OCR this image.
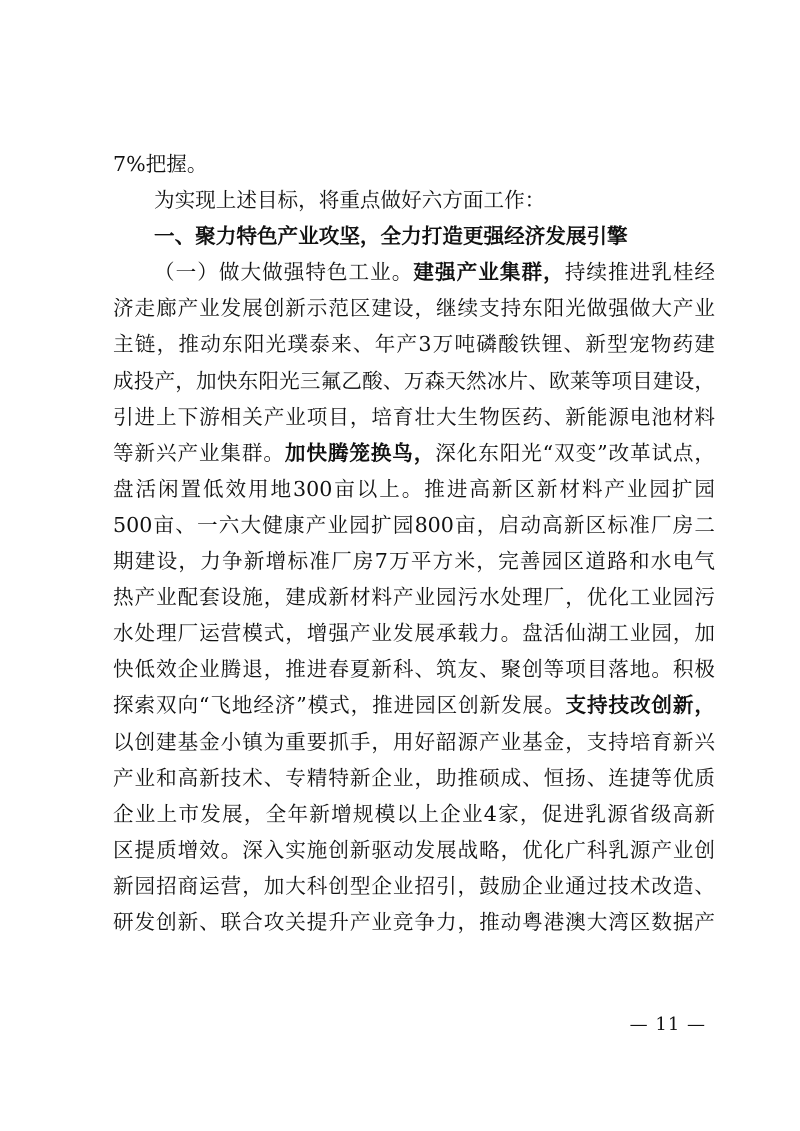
7%把握。
为实现上述目标，将重点做好六方面工作：
一、聚力特色产业攻坚，全力打造更强经济发展引擎
（一）做大做强特色工业。建强产业集群，持续推进乳桂经
济走廊产业发展创新示范区建设，继续支持东阳光做强做大产业
主链，推动东阳光璞泰来、年产3万吨磷酸铁锂、新型宠物药建
成投产，加快东阳光三氟乙酸、万森天然冰片、欧莱等项目建设，
引进上下游相关产业项目，培育壮大生物医药、新能源电池材料
等新兴产业集群。加快腾笼换鸟，深化东阳光“双变”改革试点，
盘活闲置低效用地300亩以上。推进高新区新材料产业园扩园
500亩、一六大健康产业园扩园800亩，启动高新区标准厂房二
期建设，力争新增标准厂房7万平方米，完善园区道路和水电气
热产业配套设施，建成新材料产业园污水处理厂，优化工业园污
水处理厂运营模式，增强产业发展承载力。盘活仙湖工业园，加
快低效企业腾退，推进春夏新科、筑友、聚创等项目落地。积极
探索双向“飞地经济”模式，推进园区创新发展。支持技改创新，
以创建基金小镇为重要抓手，用好韶源产业基金，支持培育新兴
产业和高新技术、专精特新企业，助推硕成、恒扬、连捷等优质
企业上市发展，全年新增规模以上企业4家，促进乳源省级高新
区提质增效。深入实施创新驱动发展战略，优化广科乳源产业创
新园招商运营，加大科创型企业招引，鼓励企业通过技术改造、
研发创新、联合攻关提升产业竞争力，推动粤港澳大湾区数据产
— 11 —
